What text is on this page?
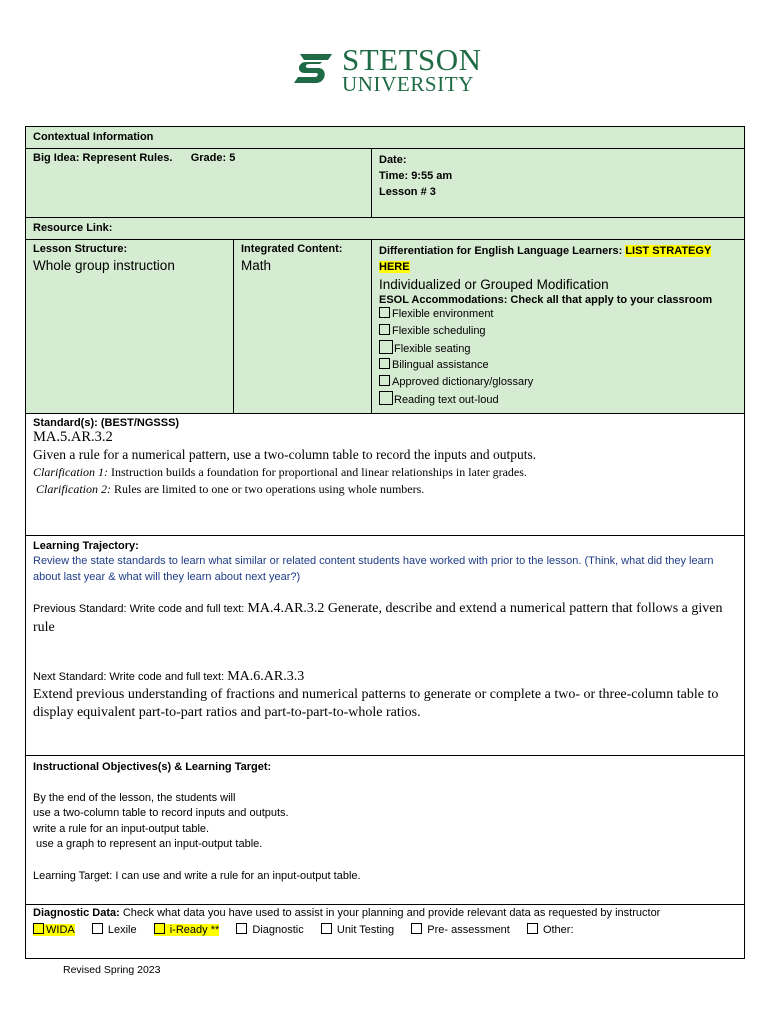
STETSON
UNIVERSITY
Contextual Information
Big Idea: Represent Rules. Grade: 5	Date:
Time: 9:55 am
Lesson # 3
Resource Link:
Lesson Structure:
Whole group instruction
Integrated Content:
Math
Differentiation for English Language Learners: LIST STRATEGY HERE
Individualized or Grouped Modification
ESOL Accommodations: Check all that apply to your classroom
Flexible environment
Flexible scheduling
Flexible seating
Bilingual assistance
Approved dictionary/glossary
Reading text out-loud
Standard(s): (BEST/NGSSS)
MA.5.AR.3.2
Given a rule for a numerical pattern, use a two-column table to record the inputs and outputs.
Clarification 1: Instruction builds a foundation for proportional and linear relationships in later grades.
Clarification 2: Rules are limited to one or two operations using whole numbers.
Learning Trajectory:
Review the state standards to learn what similar or related content students have worked with prior to the lesson. (Think, what did they learn about last year & what will they learn about next year?)
Previous Standard: Write code and full text: MA.4.AR.3.2 Generate, describe and extend a numerical pattern that follows a given rule
Next Standard: Write code and full text: MA.6.AR.3.3
Extend previous understanding of fractions and numerical patterns to generate or complete a two- or three-column table to display equivalent part-to-part ratios and part-to-part-to-whole ratios.
Instructional Objectives(s) & Learning Target:
By the end of the lesson, the students will
use a two-column table to record inputs and outputs.
write a rule for an input-output table.
use a graph to represent an input-output table.
Learning Target: I can use and write a rule for an input-output table.
Diagnostic Data: Check what data you have used to assist in your planning and provide relevant data as requested by instructor
WIDA	Lexile	i-Ready **	Diagnostic	Unit Testing	Pre- assessment	Other:
Revised Spring 2023
